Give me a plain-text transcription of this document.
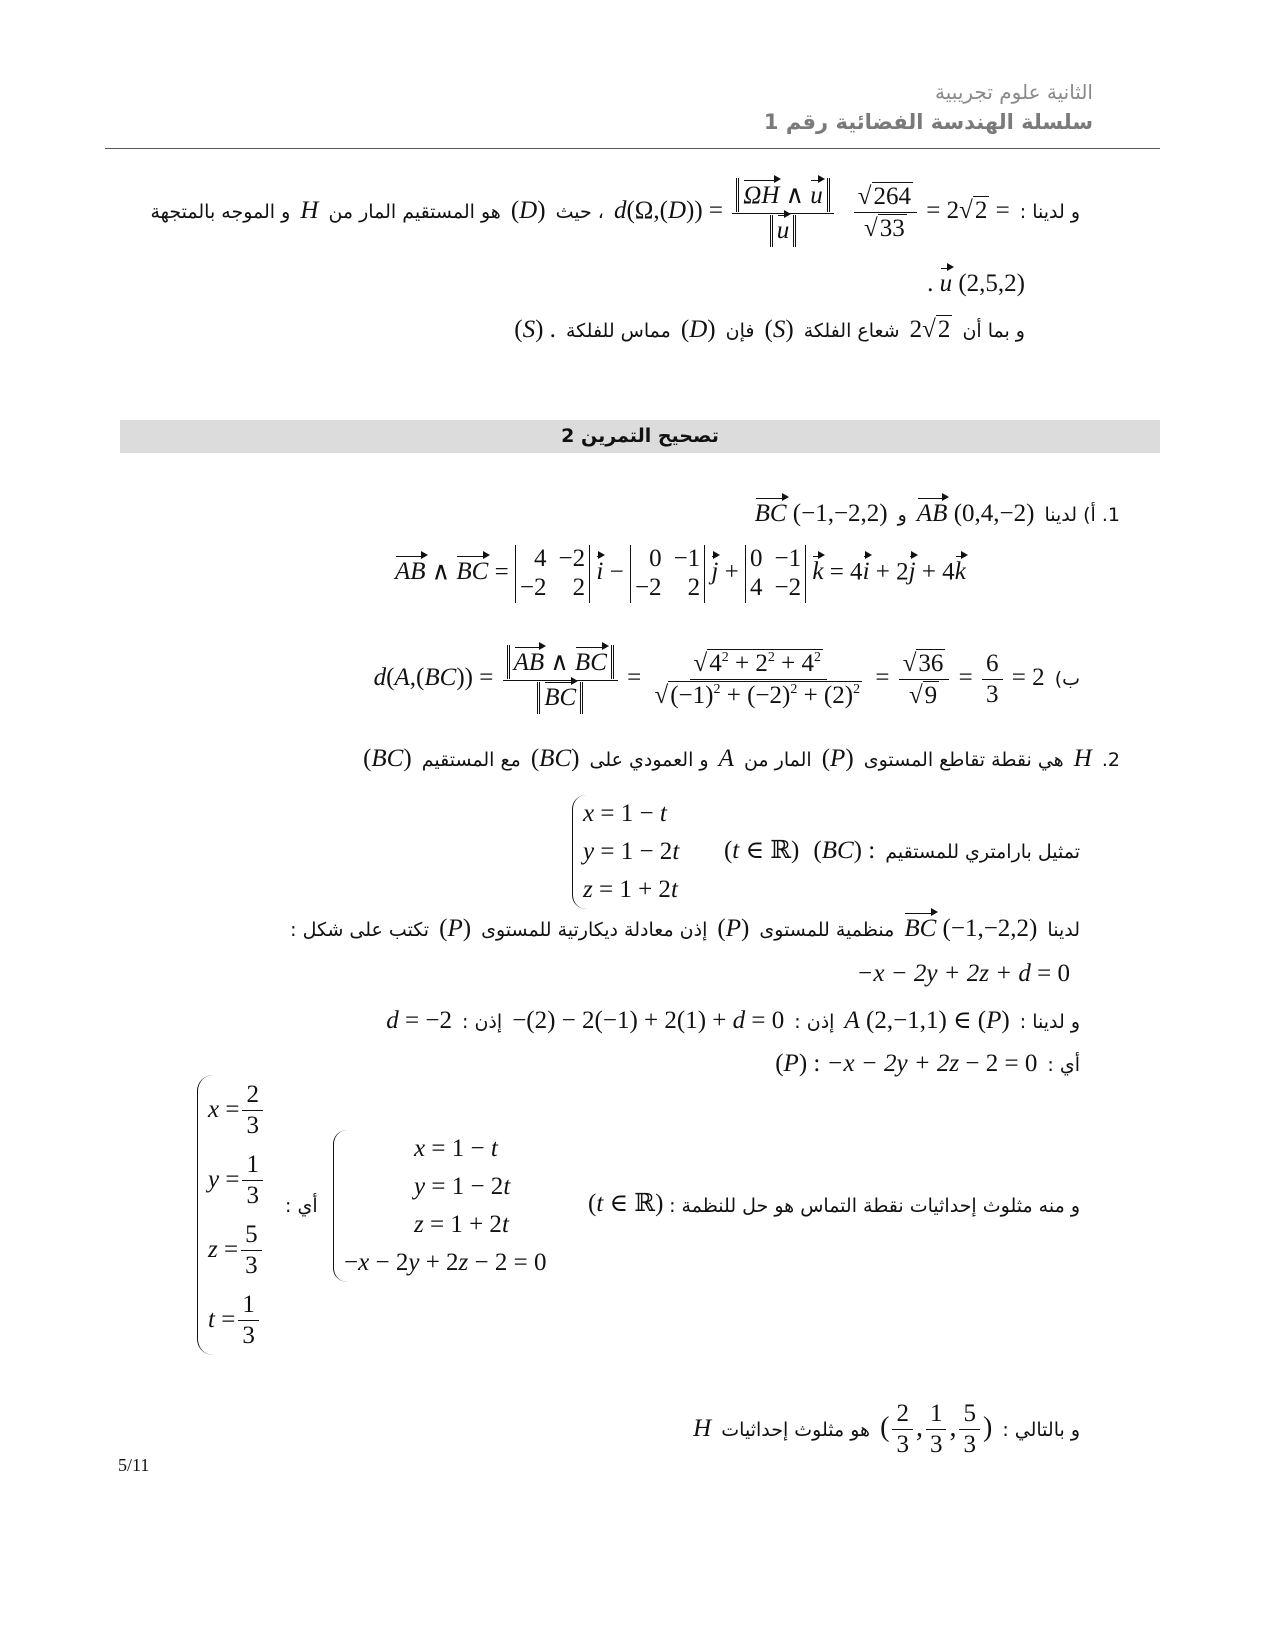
الثانية علوم تجريبية
سلسلة الهندسة الفضائية رقم 1
و لدينا :
$\frac{√ 264}{√ 33} = 2$ √ $2 = d(\Omega,(D)) = \frac{\Omega H \wedge u}{u}$
، حيث (D) هو المستقيم المار من H و الموجه بالمتجهة
. u (2,5,2)
و بما أن 2 √ 2
شعاع الفلكة (S) فإن (D) مماس للفلكة (S) .
تصحيح التمرين 2
1. أ) لدينا AB (0,4,−2) و BC (−1,−2,2)
AB ∧ BC = 4 −2
−2	2
i − 0 −1
−2	2
j + 0 −1
4 −2
k = 4i + 2j + 4k
ب) $d(A,(BC)) = \frac{AB \wedge BC}{BC} = \frac{√ 4^2 + 2^2 + 4^2}{√ (-1)^2 + (-2)^2 + (2)^2} = \frac{√ 36}{√ 9} = \frac{6}{3} = 2$
2. H هي نقطة تقاطع المستوى (P) المار من A و العمودي على (BC) مع المستقيم (BC)
x = 1 − t
y = 1 − 2t
z = 1 + 2t
تمثيل بارامتري للمستقيم (BC) : (t ∈ ℝ)
لدينا BC (−1,−2,2) منظمية للمستوى (P) إذن معادلة ديكارتية للمستوى (P) تكتب على شكل :
−x − 2y + 2z + d = 0
و لدينا : A (2,−1,1) ∈ (P) إذن : −(2) − 2(−1) + 2(1) + d = 0 إذن : d = −2
أي : (P) : −x − 2y + 2z − 2 = 0
x = 1 − t
y = 1 − 2t
z = 1 + 2t
−x − 2y + 2z − 2 = 0
و منه مثلوث إحداثيات نقطة التماس هو حل للنظمة :
(t ∈ ℝ)
أي :
$x = \frac{2}{3}$
$y = \frac{1}{3}$
$z = \frac{5}{3}$
$t = \frac{1}{3}$
و بالتالي : ( $\frac{2}{3}$ , $\frac{1}{3}$ , $\frac{5}{3}$ ) هو مثلوث إحداثيات H
5/11
